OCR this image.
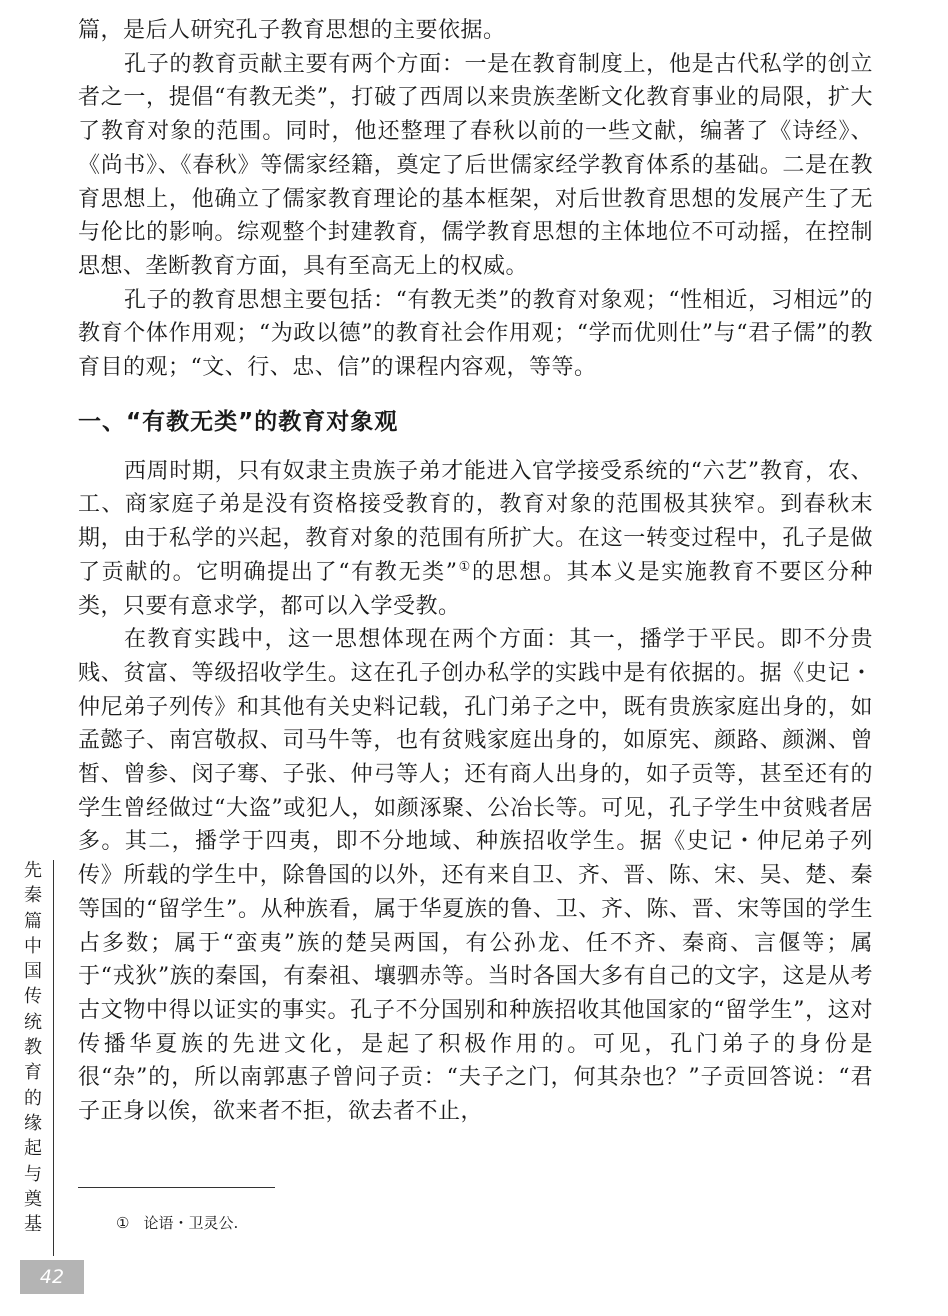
篇，是后人研究孔子教育思想的主要依据。

孔子的教育贡献主要有两个方面：一是在教育制度上，他是古代私学的创立者之一，提倡“有教无类”，打破了西周以来贵族垄断文化教育事业的局限，扩大了教育对象的范围。同时，他还整理了春秋以前的一些文献，编著了《诗经》、《尚书》、《春秋》等儒家经籍，奠定了后世儒家经学教育体系的基础。二是在教育思想上，他确立了儒家教育理论的基本框架，对后世教育思想的发展产生了无与伦比的影响。综观整个封建教育，儒学教育思想的主体地位不可动摇，在控制思想、垄断教育方面，具有至高无上的权威。

孔子的教育思想主要包括：“有教无类”的教育对象观；“性相近，习相远”的教育个体作用观；“为政以德”的教育社会作用观；“学而优则仕”与“君子儒”的教育目的观；“文、行、忠、信”的课程内容观，等等。

一、“有教无类”的教育对象观

西周时期，只有奴隶主贵族子弟才能进入官学接受系统的“六艺”教育，农、工、商家庭子弟是没有资格接受教育的，教育对象的范围极其狭窄。到春秋末期，由于私学的兴起，教育对象的范围有所扩大。在这一转变过程中，孔子是做了贡献的。它明确提出了“有教无类”①的思想。其本义是实施教育不要区分种类，只要有意求学，都可以入学受教。

在教育实践中，这一思想体现在两个方面：其一，播学于平民。即不分贵贱、贫富、等级招收学生。这在孔子创办私学的实践中是有依据的。据《史记・仲尼弟子列传》和其他有关史料记载，孔门弟子之中，既有贵族家庭出身的，如孟懿子、南宫敬叔、司马牛等，也有贫贱家庭出身的，如原宪、颜路、颜渊、曾皙、曾参、闵子骞、子张、仲弓等人；还有商人出身的，如子贡等，甚至还有的学生曾经做过“大盗”或犯人，如颜涿聚、公冶长等。可见，孔子学生中贫贱者居多。其二，播学于四夷，即不分地域、种族招收学生。据《史记・仲尼弟子列传》所载的学生中，除鲁国的以外，还有来自卫、齐、晋、陈、宋、吴、楚、秦等国的“留学生”。从种族看，属于华夏族的鲁、卫、齐、陈、晋、宋等国的学生占多数；属于“蛮夷”族的楚吴两国，有公孙龙、任不齐、秦商、言偃等；属于“戎狄”族的秦国，有秦祖、壤驷赤等。当时各国大多有自己的文字，这是从考古文物中得以证实的事实。孔子不分国别和种族招收其他国家的“留学生”，这对传播华夏族的先进文化，是起了积极作用的。可见，孔门弟子的身份是很“杂”的，所以南郭惠子曾问子贡：“夫子之门，何其杂也？”子贡回答说：“君子正身以俟，欲来者不拒，欲去者不止，

先秦篇 中国传统教育的缘起与奠基	① 论语・卫灵公.
42
